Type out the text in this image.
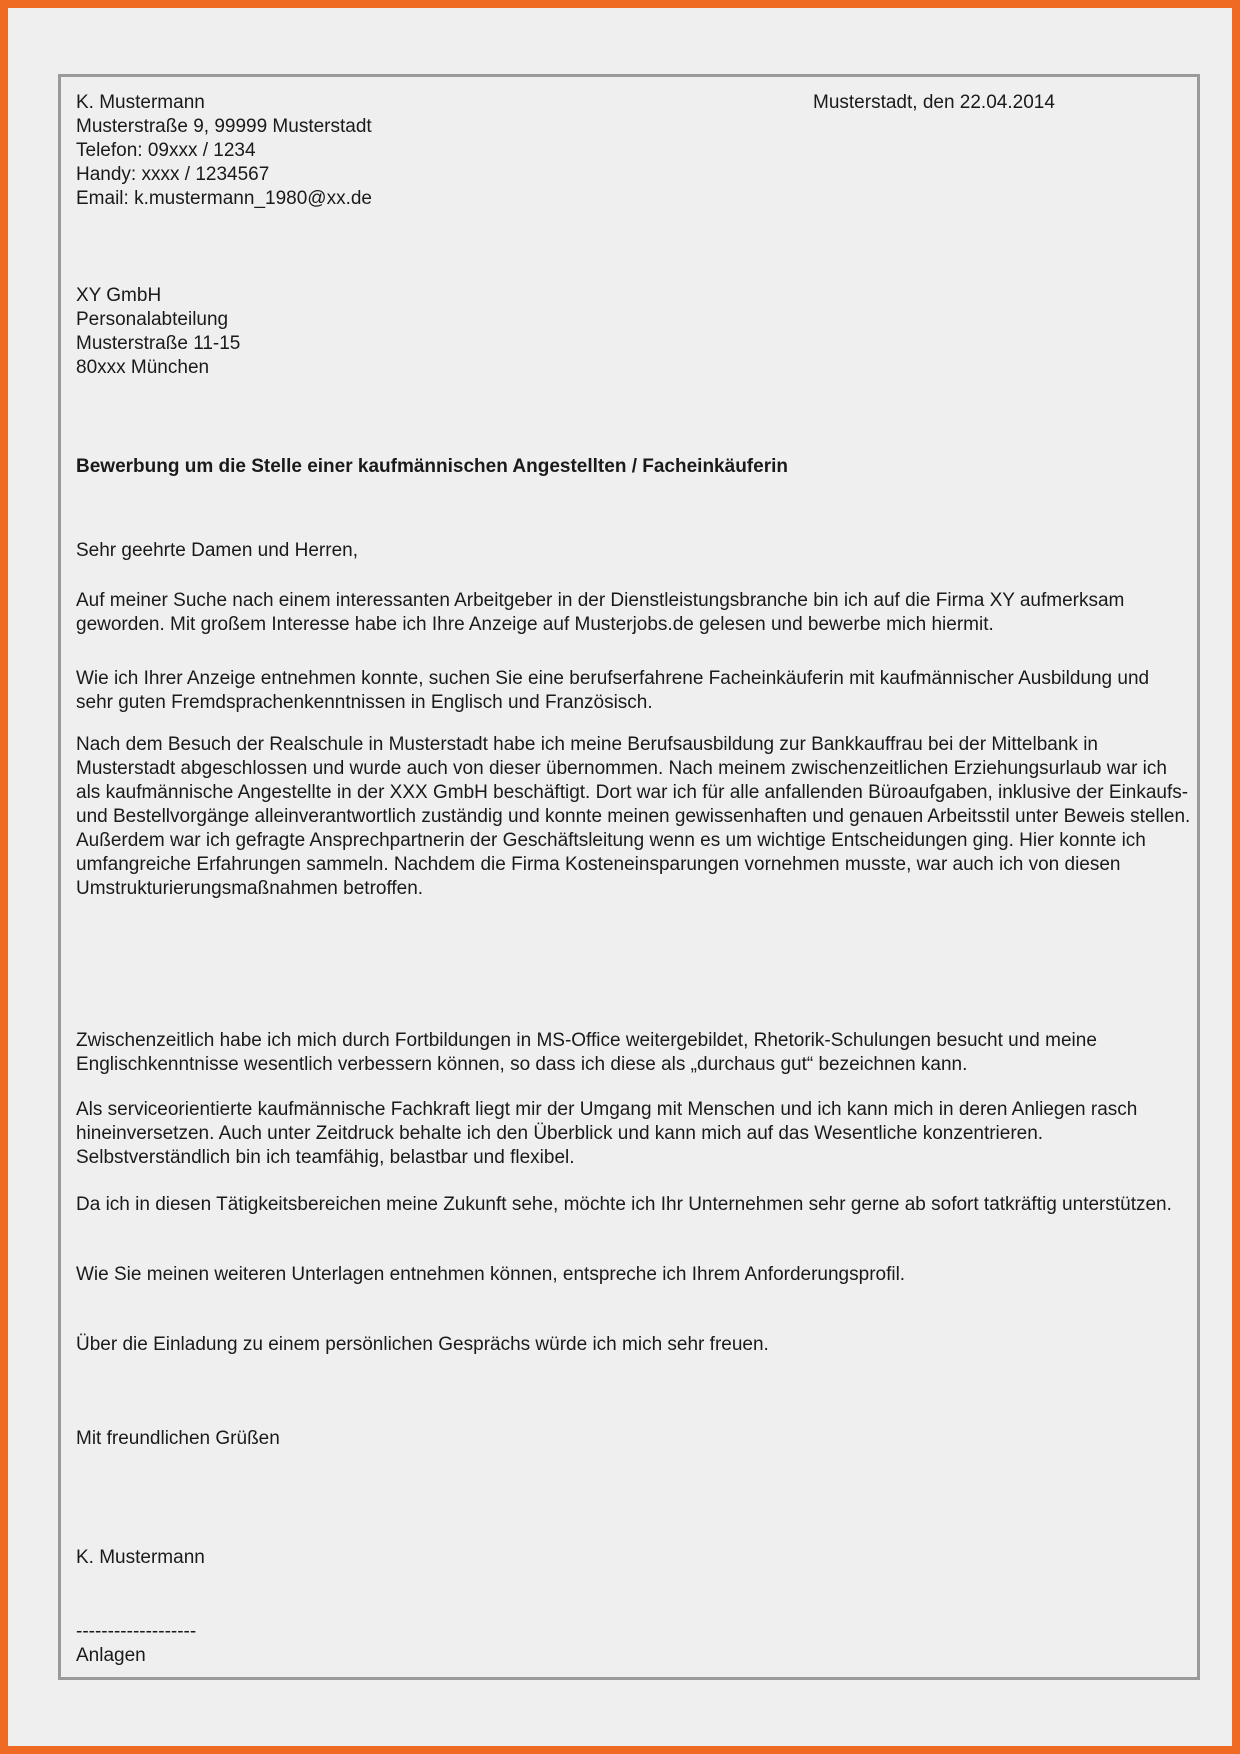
K. Mustermann
Musterstraße 9, 99999 Musterstadt
Telefon: 09xxx / 1234
Handy: xxxx / 1234567
Email: k.mustermann_1980@xx.de
Musterstadt, den 22.04.2014
XY GmbH
Personalabteilung
Musterstraße 11-15
80xxx München
Bewerbung um die Stelle einer kaufmännischen Angestellten / Facheinkäuferin
Sehr geehrte Damen und Herren,
Auf meiner Suche nach einem interessanten Arbeitgeber in der Dienstleistungsbranche bin ich auf die Firma XY aufmerksam geworden. Mit großem Interesse habe ich Ihre Anzeige auf Musterjobs.de gelesen und bewerbe mich hiermit.
Wie ich Ihrer Anzeige entnehmen konnte, suchen Sie eine berufserfahrene Facheinkäuferin mit kaufmännischer Ausbildung und sehr guten Fremdsprachenkenntnissen in Englisch und Französisch.
Nach dem Besuch der Realschule in Musterstadt habe ich meine Berufsausbildung zur Bankkauffrau bei der Mittelbank in Musterstadt abgeschlossen und wurde auch von dieser übernommen. Nach meinem zwischenzeitlichen Erziehungsurlaub war ich als kaufmännische Angestellte in der XXX GmbH beschäftigt. Dort war ich für alle anfallenden Büroaufgaben, inklusive der Einkaufs- und Bestellvorgänge alleinverantwortlich zuständig und konnte meinen gewissenhaften und genauen Arbeitsstil unter Beweis stellen. Außerdem war ich gefragte Ansprechpartnerin der Geschäftsleitung wenn es um wichtige Entscheidungen ging. Hier konnte ich umfangreiche Erfahrungen sammeln. Nachdem die Firma Kosteneinsparungen vornehmen musste, war auch ich von diesen Umstrukturierungsmaßnahmen betroffen.
Zwischenzeitlich habe ich mich durch Fortbildungen in MS-Office weitergebildet, Rhetorik-Schulungen besucht und meine Englischkenntnisse wesentlich verbessern können, so dass ich diese als „durchaus gut“ bezeichnen kann.
Als serviceorientierte kaufmännische Fachkraft liegt mir der Umgang mit Menschen und ich kann mich in deren Anliegen rasch hineinversetzen. Auch unter Zeitdruck behalte ich den Überblick und kann mich auf das Wesentliche konzentrieren. Selbstverständlich bin ich teamfähig, belastbar und flexibel.
Da ich in diesen Tätigkeitsbereichen meine Zukunft sehe, möchte ich Ihr Unternehmen sehr gerne ab sofort tatkräftig unterstützen.
Wie Sie meinen weiteren Unterlagen entnehmen können, entspreche ich Ihrem Anforderungsprofil.
Über die Einladung zu einem persönlichen Gesprächs würde ich mich sehr freuen.
Mit freundlichen Grüßen
K. Mustermann
-------------------
Anlagen
